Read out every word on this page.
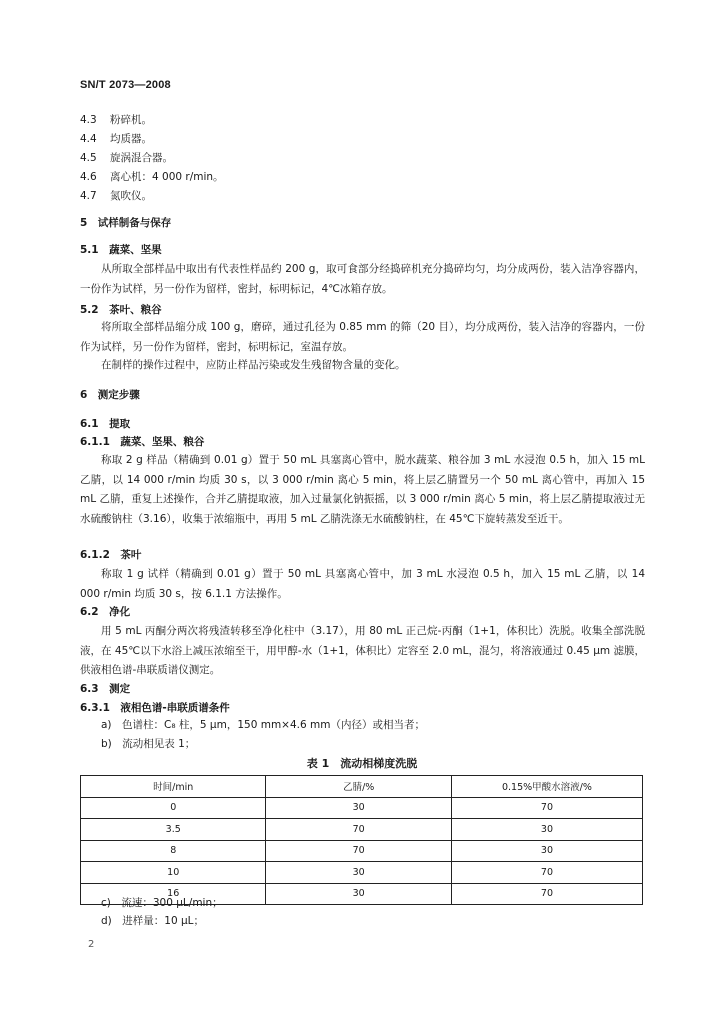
SN/T 2073—2008
4.3 粉碎机。
4.4 均质器。
4.5 旋涡混合器。
4.6 离心机：4 000 r/min。
4.7 氮吹仪。
5　试样制备与保存
5.1　蔬菜、坚果
从所取全部样品中取出有代表性样品约 200 g，取可食部分经捣碎机充分捣碎均匀，均分成两份，装入洁净容器内，一份作为试样，另一份作为留样，密封，标明标记，4℃冰箱存放。
5.2　茶叶、粮谷
将所取全部样品缩分成 100 g，磨碎，通过孔径为 0.85 mm 的筛（20 目），均分成两份，装入洁净的容器内，一份作为试样，另一份作为留样，密封，标明标记，室温存放。
在制样的操作过程中，应防止样品污染或发生残留物含量的变化。
6　测定步骤
6.1　提取
6.1.1　蔬菜、坚果、粮谷
称取 2 g 样品（精确到 0.01 g）置于 50 mL 具塞离心管中，脱水蔬菜、粮谷加 3 mL 水浸泡 0.5 h，加入 15 mL 乙腈，以 14 000 r/min 均质 30 s，以 3 000 r/min 离心 5 min，将上层乙腈置另一个 50 mL 离心管中，再加入 15 mL 乙腈，重复上述操作，合并乙腈提取液，加入过量氯化钠振摇，以 3 000 r/min 离心 5 min，将上层乙腈提取液过无水硫酸钠柱（3.16），收集于浓缩瓶中，再用 5 mL 乙腈洗涤无水硫酸钠柱，在 45℃下旋转蒸发至近干。
6.1.2　茶叶
称取 1 g 试样（精确到 0.01 g）置于 50 mL 具塞离心管中，加 3 mL 水浸泡 0.5 h，加入 15 mL 乙腈，以 14 000 r/min 均质 30 s，按 6.1.1 方法操作。
6.2　净化
用 5 mL 丙酮分两次将残渣转移至净化柱中（3.17），用 80 mL 正己烷-丙酮（1+1，体积比）洗脱。收集全部洗脱液，在 45℃以下水浴上减压浓缩至干，用甲醇-水（1+1，体积比）定容至 2.0 mL，混匀，将溶液通过 0.45 μm 滤膜，供液相色谱-串联质谱仪测定。
6.3　测定
6.3.1　液相色谱-串联质谱条件
a)　色谱柱：C₈ 柱，5 μm，150 mm×4.6 mm（内径）或相当者；
b)　流动相见表 1；
表 1　流动相梯度洗脱
时间/min	乙腈/%	0.15%甲酸水溶液/%
0	30	70
3.5	70	30
8	70	30
10	30	70
16	30	70
c)　流速：300 μL/min；
d)　进样量：10 μL；
2
